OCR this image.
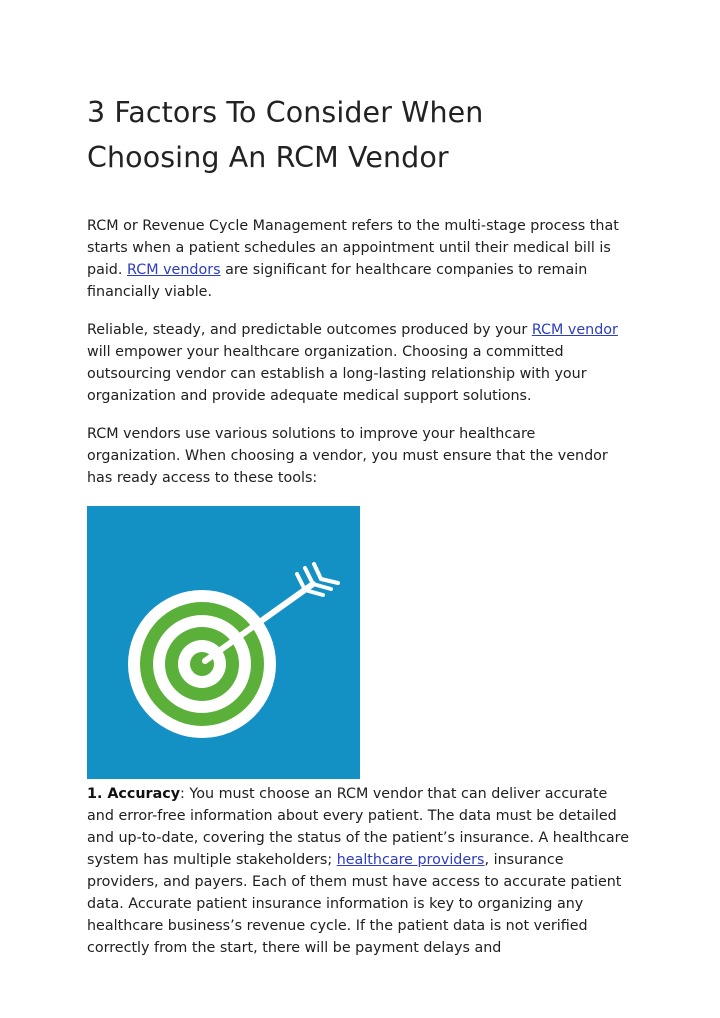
3 Factors To Consider When
Choosing An RCM Vendor

RCM or Revenue Cycle Management refers to the multi-stage process that starts when a patient schedules an appointment until their medical bill is paid. RCM vendors are significant for healthcare companies to remain financially viable.

Reliable, steady, and predictable outcomes produced by your RCM vendor will empower your healthcare organization. Choosing a committed outsourcing vendor can establish a long-lasting relationship with your organization and provide adequate medical support solutions.

RCM vendors use various solutions to improve your healthcare organization. When choosing a vendor, you must ensure that the vendor has ready access to these tools:

1. Accuracy: You must choose an RCM vendor that can deliver accurate and error-free information about every patient. The data must be detailed and up-to-date, covering the status of the patient’s insurance. A healthcare system has multiple stakeholders; healthcare providers, insurance providers, and payers. Each of them must have access to accurate patient data. Accurate patient insurance information is key to organizing any healthcare business’s revenue cycle. If the patient data is not verified correctly from the start, there will be payment delays and
